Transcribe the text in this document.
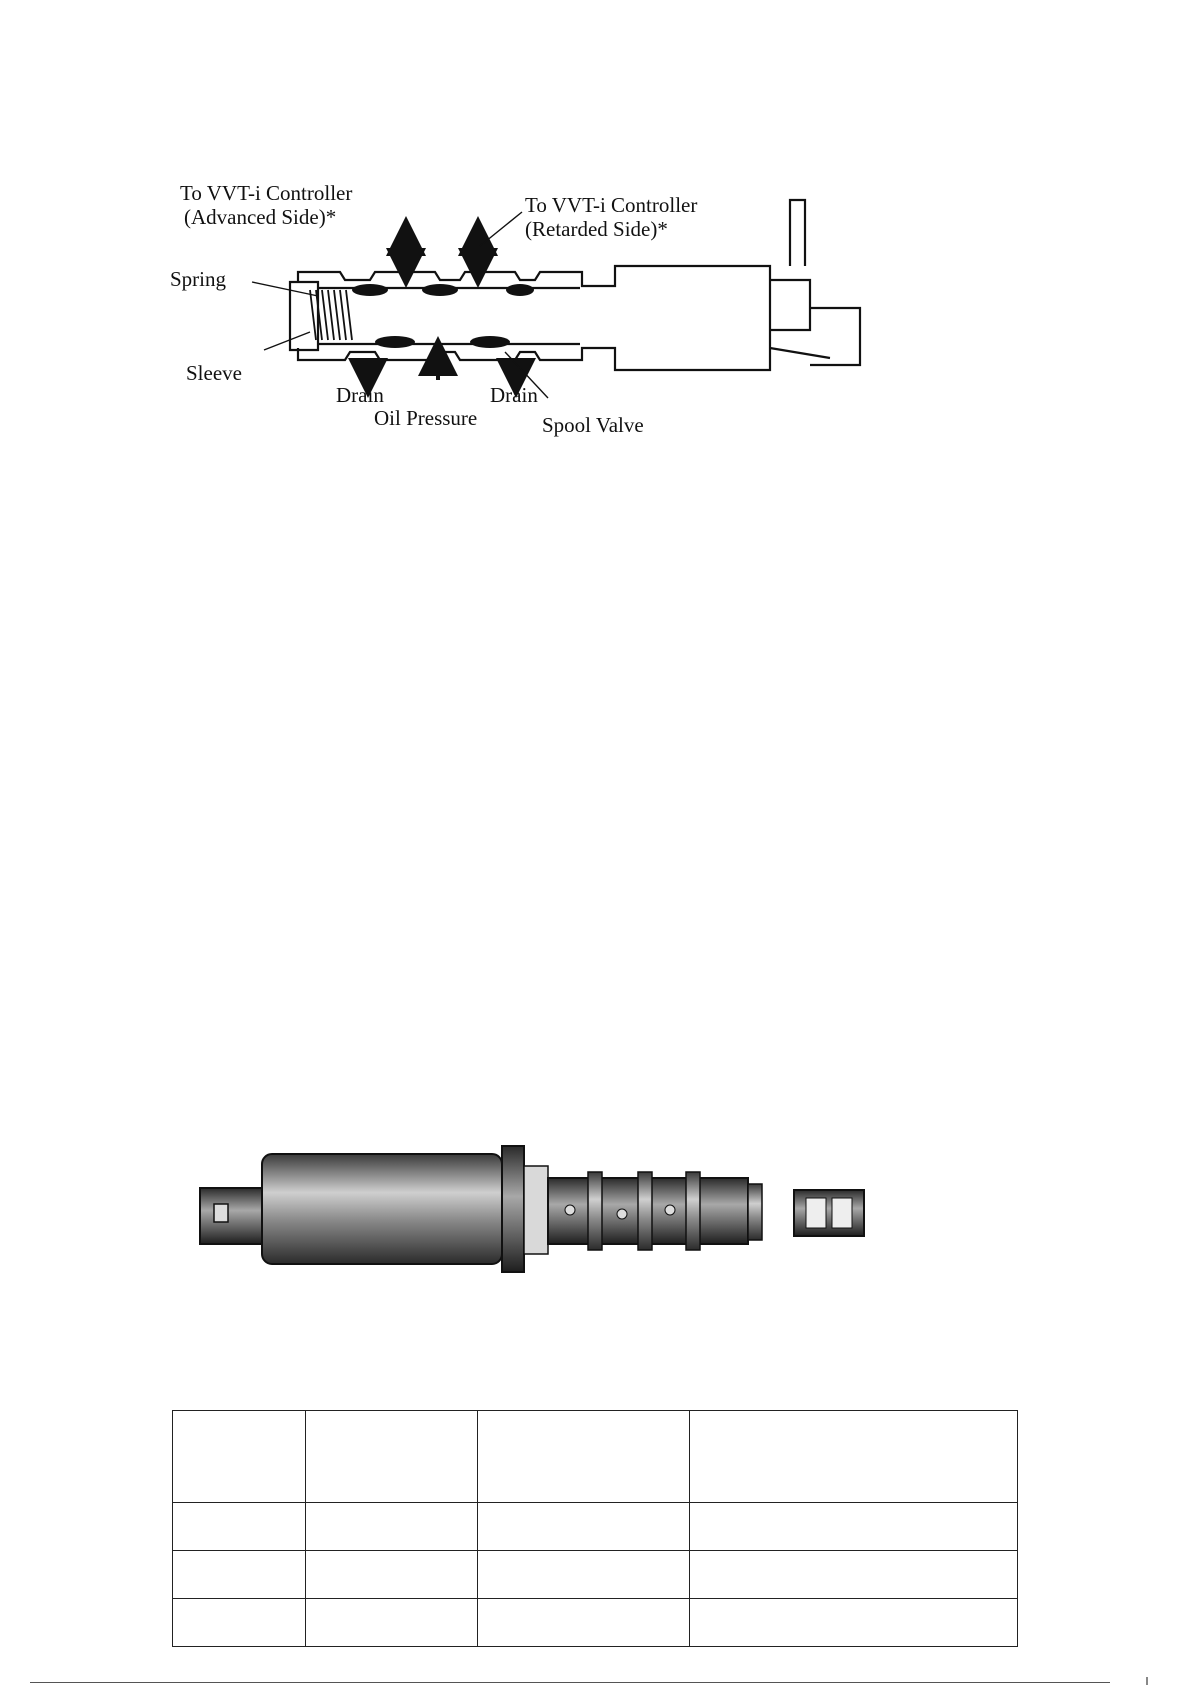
To VVT-i Controller
(Advanced Side)*	To VVT-i Controller
(Retarded Side)*
Spring
Sleeve
Drain
Oil Pressure
Drain
Spool Valve
